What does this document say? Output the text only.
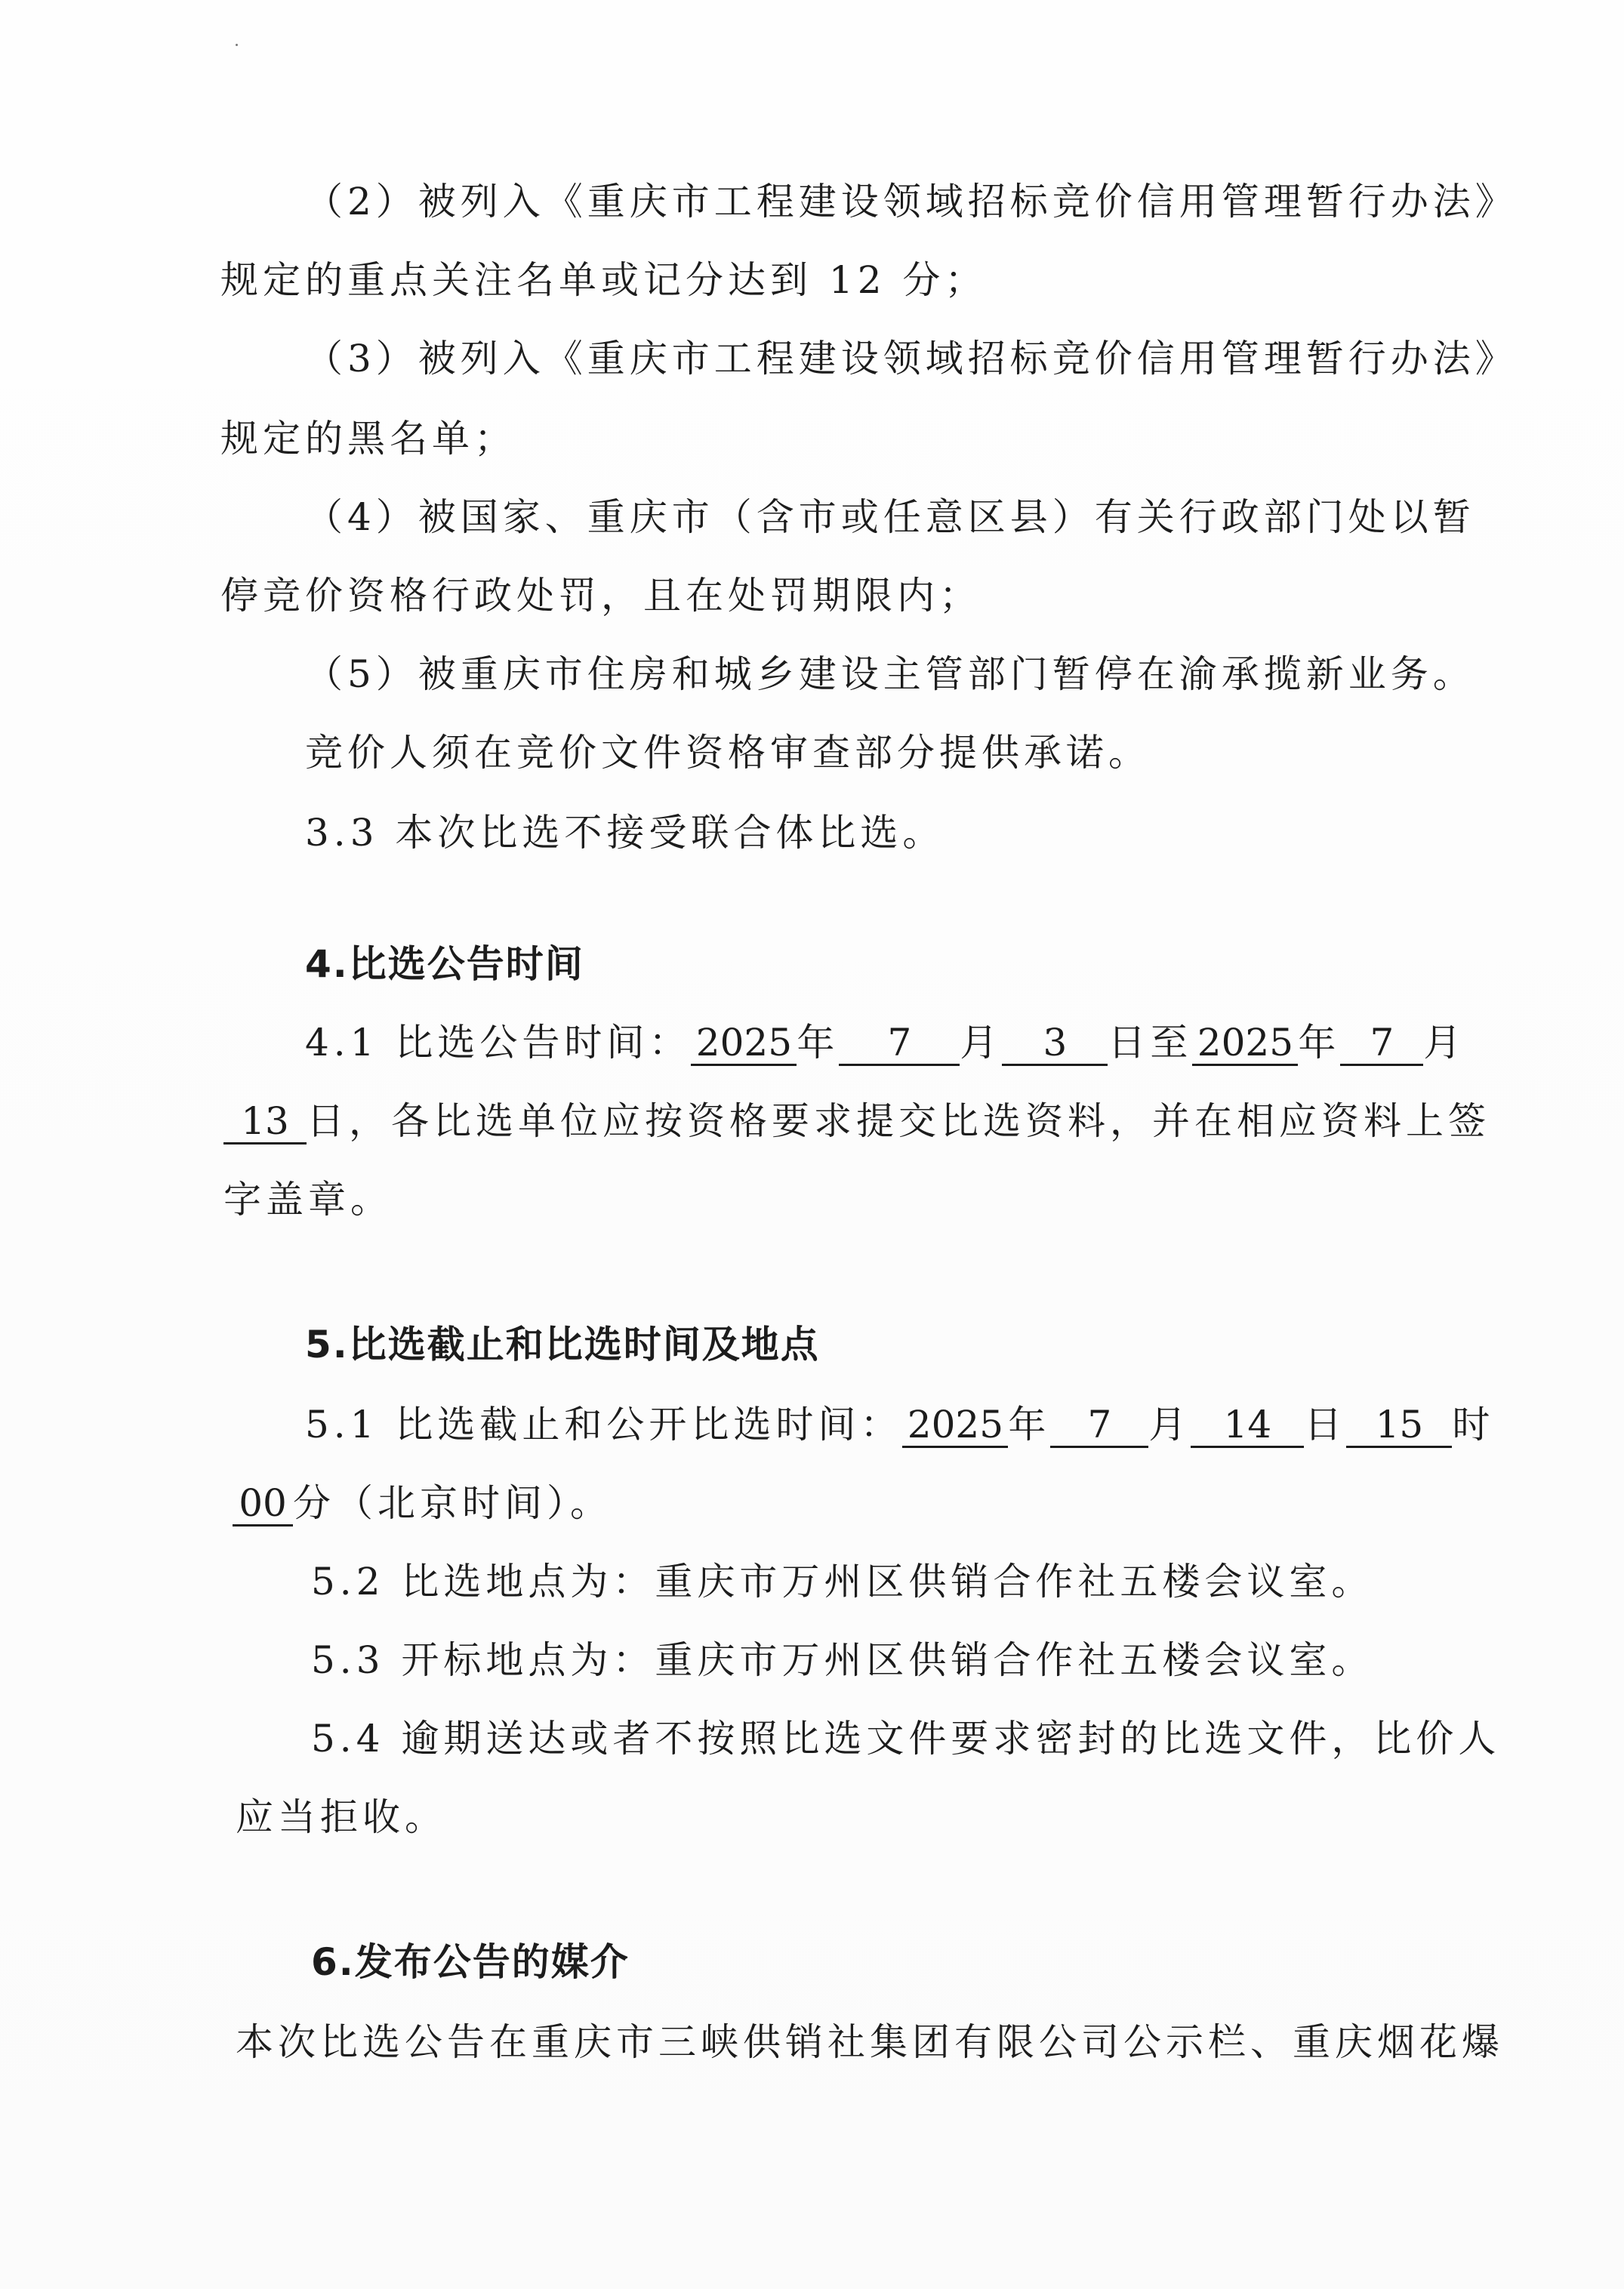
（2）被列入《重庆市工程建设领域招标竞价信用管理暂行办法》
规定的重点关注名单或记分达到 12 分；
（3）被列入《重庆市工程建设领域招标竞价信用管理暂行办法》
规定的黑名单；
（4）被国家、重庆市（含市或任意区县）有关行政部门处以暂
停竞价资格行政处罚，且在处罚期限内；
（5）被重庆市住房和城乡建设主管部门暂停在渝承揽新业务。
竞价人须在竞价文件资格审查部分提供承诺。
3.3 本次比选不接受联合体比选。
4.比选公告时间
4.1 比选公告时间： 2025 年 7 月 3 日至 2025 年 7 月
13 日，各比选单位应按资格要求提交比选资料，并在相应资料上签
字盖章。
5.比选截止和比选时间及地点
5.1 比选截止和公开比选时间： 2025 年 7 月 14 日 15 时
00 分（北京时间）。
5.2 比选地点为：重庆市万州区供销合作社五楼会议室。
5.3 开标地点为：重庆市万州区供销合作社五楼会议室。
5.4 逾期送达或者不按照比选文件要求密封的比选文件，比价人
应当拒收。
6.发布公告的媒介
本次比选公告在重庆市三峡供销社集团有限公司公示栏、重庆烟花爆
